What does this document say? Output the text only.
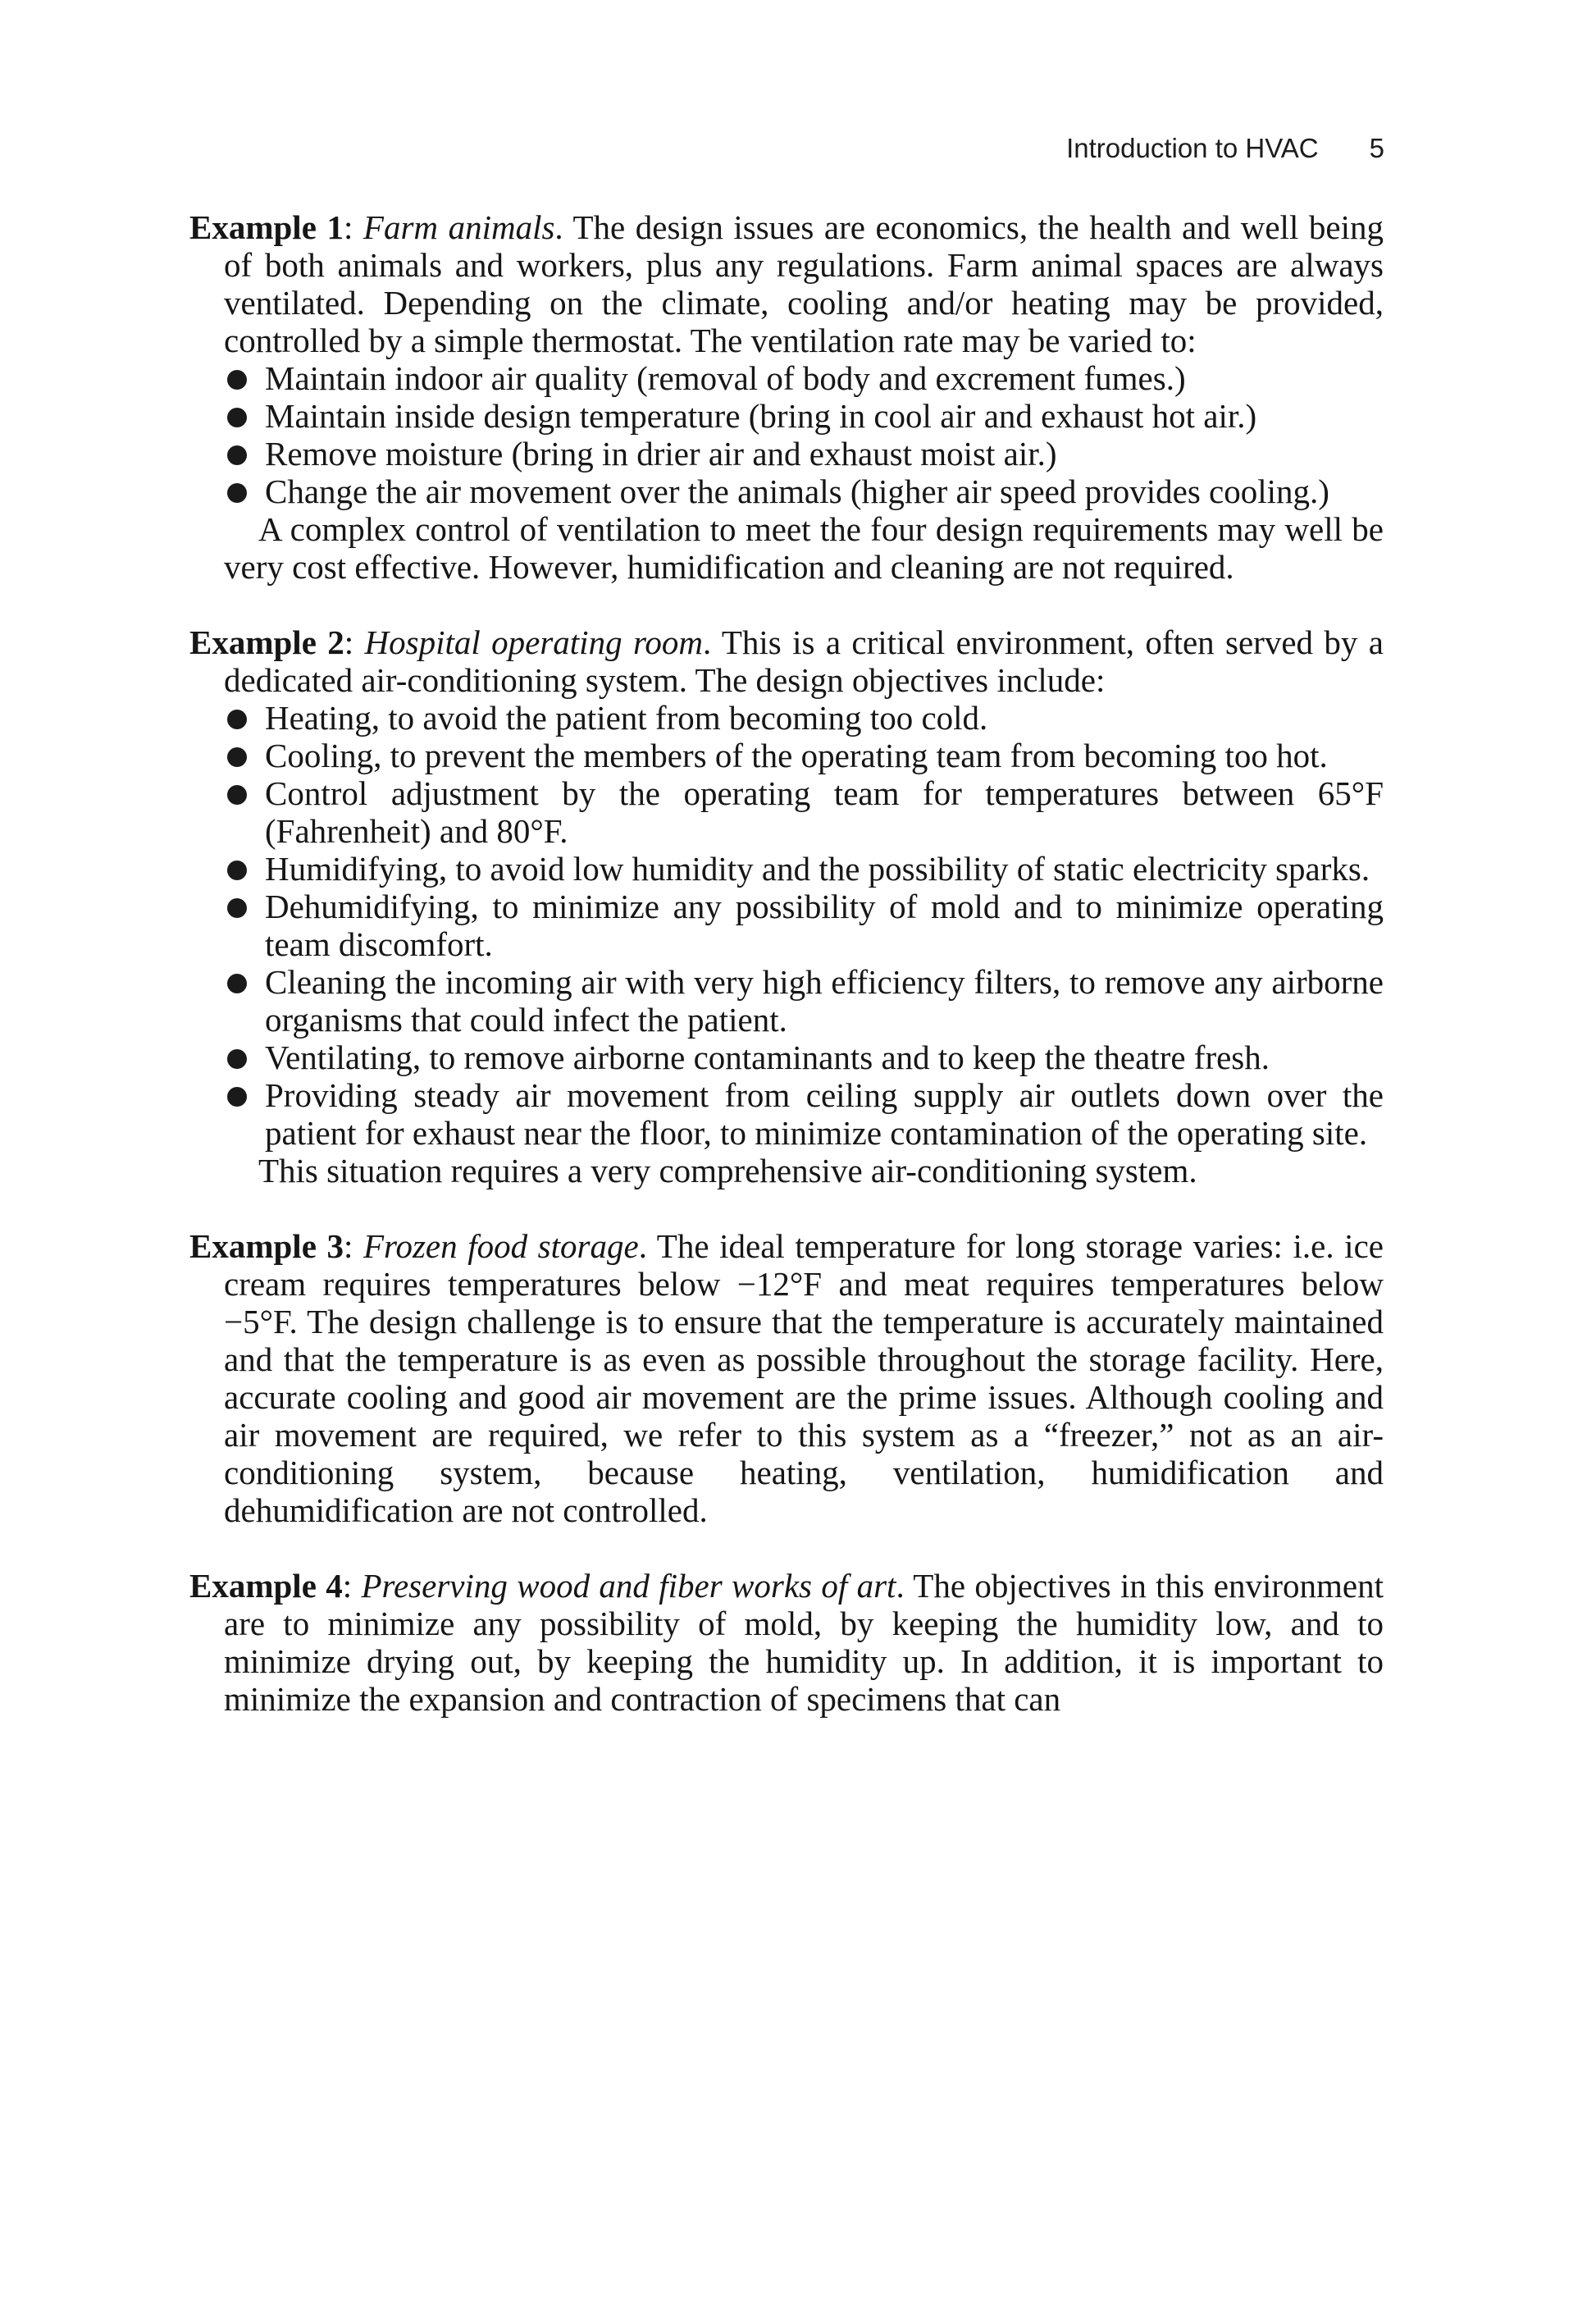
Introduction to HVAC 5

Example 1: Farm animals. The design issues are economics, the health and well being of both animals and workers, plus any regulations. Farm animal spaces are always ventilated. Depending on the climate, cooling and/or heating may be provided, controlled by a simple thermostat. The ventilation rate may be varied to:

Maintain indoor air quality (removal of body and excrement fumes.)
Maintain inside design temperature (bring in cool air and exhaust hot air.)
Remove moisture (bring in drier air and exhaust moist air.)
Change the air movement over the animals (higher air speed provides cooling.)

A complex control of ventilation to meet the four design requirements may well be very cost effective. However, humidification and cleaning are not required.

Example 2: Hospital operating room. This is a critical environment, often served by a dedicated air-conditioning system. The design objectives include:

Heating, to avoid the patient from becoming too cold.
Cooling, to prevent the members of the operating team from becoming too hot.
Control adjustment by the operating team for temperatures between 65°F (Fahrenheit) and 80°F.
Humidifying, to avoid low humidity and the possibility of static electricity sparks.
Dehumidifying, to minimize any possibility of mold and to minimize operating team discomfort.
Cleaning the incoming air with very high efficiency filters, to remove any airborne organisms that could infect the patient.
Ventilating, to remove airborne contaminants and to keep the theatre fresh.
Providing steady air movement from ceiling supply air outlets down over the patient for exhaust near the floor, to minimize contamination of the operating site.

This situation requires a very comprehensive air-conditioning system.

Example 3: Frozen food storage. The ideal temperature for long storage varies: i.e. ice cream requires temperatures below −12°F and meat requires temperatures below −5°F. The design challenge is to ensure that the temperature is accurately maintained and that the temperature is as even as possible throughout the storage facility. Here, accurate cooling and good air movement are the prime issues. Although cooling and air movement are required, we refer to this system as a “freezer,” not as an air-conditioning system, because heating, ventilation, humidification and dehumidification are not controlled.

Example 4: Preserving wood and fiber works of art. The objectives in this environment are to minimize any possibility of mold, by keeping the humidity low, and to minimize drying out, by keeping the humidity up. In addition, it is important to minimize the expansion and contraction of specimens that can
